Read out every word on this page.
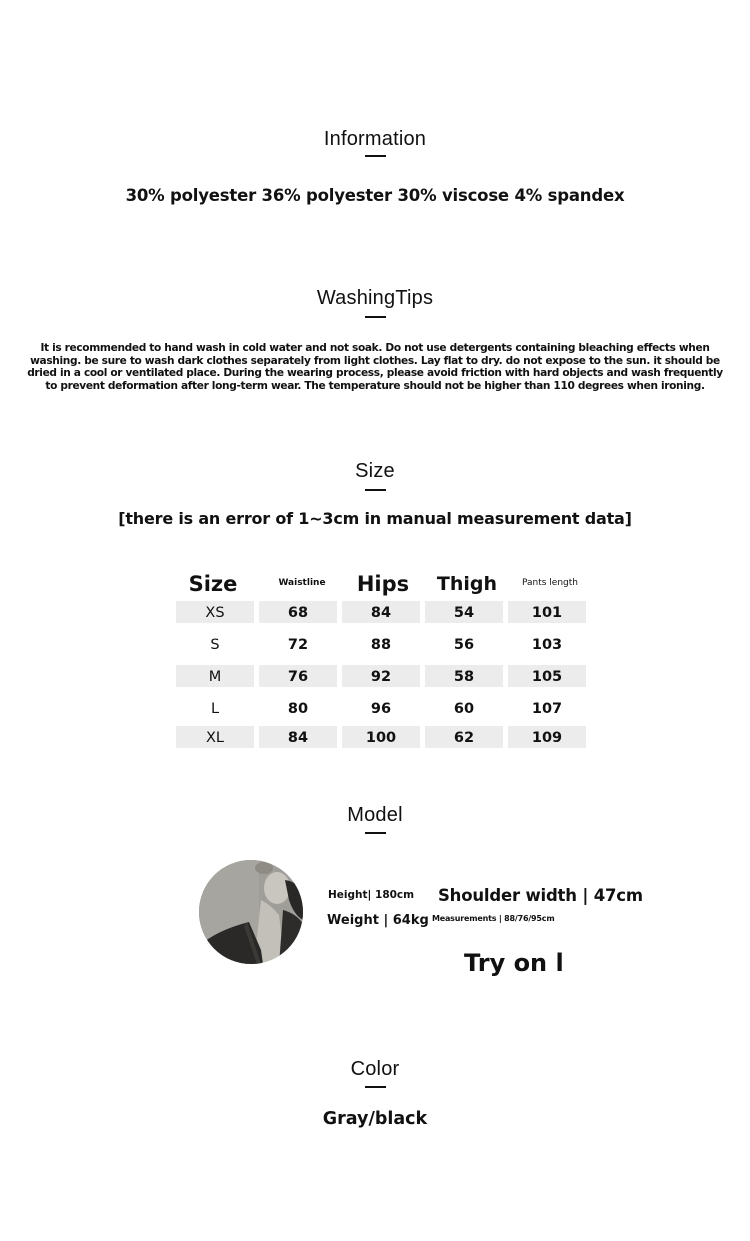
Information
30% polyester 36% polyester 30% viscose 4% spandex
WashingTips
It is recommended to hand wash in cold water and not soak. Do not use detergents containing bleaching effects when
washing. be sure to wash dark clothes separately from light clothes. Lay flat to dry. do not expose to the sun. it should be
dried in a cool or ventilated place. During the wearing process, please avoid friction with hard objects and wash frequently
to prevent deformation after long-term wear. The temperature should not be higher than 110 degrees when ironing.
Size
[there is an error of 1~3cm in manual measurement data]
Size	Waistline	Hips	Thigh	Pants length
XS	68	84	54	101
S	72	88	56	103
M	76	92	58	105
L	80	96	60	107
XL	84	100	62	109
Model
Height| 180cm
Weight | 64kg
Shoulder width | 47cm
Measurements | 88/76/95cm
Try on l
Color
Gray/black
